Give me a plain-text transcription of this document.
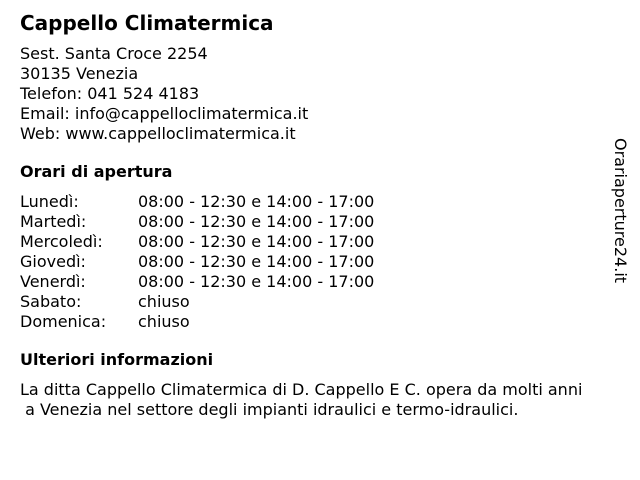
Cappello Climatermica
Sest. Santa Croce 2254
30135 Venezia
Telefon: 041 524 4183
Email: info@cappelloclimatermica.it
Web: www.cappelloclimatermica.it
Orari di apertura
Lunedì:	08:00 - 12:30 e 14:00 - 17:00
Martedì:	08:00 - 12:30 e 14:00 - 17:00
Mercoledì:	08:00 - 12:30 e 14:00 - 17:00
Giovedì:	08:00 - 12:30 e 14:00 - 17:00
Venerdì:	08:00 - 12:30 e 14:00 - 17:00
Sabato:	chiuso
Domenica:	chiuso
Ulteriori informazioni
La ditta Cappello Climatermica di D. Cappello E C. opera da molti anni
a Venezia nel settore degli impianti idraulici e termo-idraulici.
Orariaperture24.it
